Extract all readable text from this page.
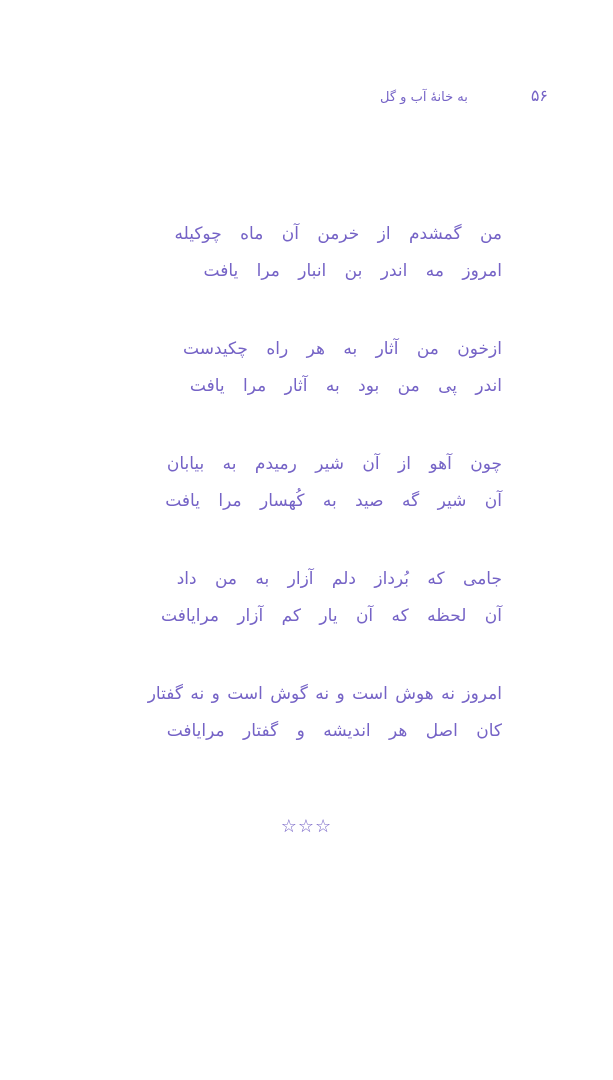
به خانهٔ آب و گل	۵۶
من گمشدم از خرمن آن ماه چوکیله
امروز مه اندر بن انبار مرا یافت
ازخون من آثار به هر راه چکیدست
اندر پی من بود به آثار مرا یافت
چون آهو از آن شیر رمیدم به بیابان
آن شیر گه صید به کُهسار مرا یافت
جامی که بُرداز دلم آزار به من داد
آن لحظه که آن یار کم آزار مرایافت
امروز نه هوش است و نه گوش است و نه گفتار
کان اصل هر اندیشه و گفتار مرایافت
☆☆☆
